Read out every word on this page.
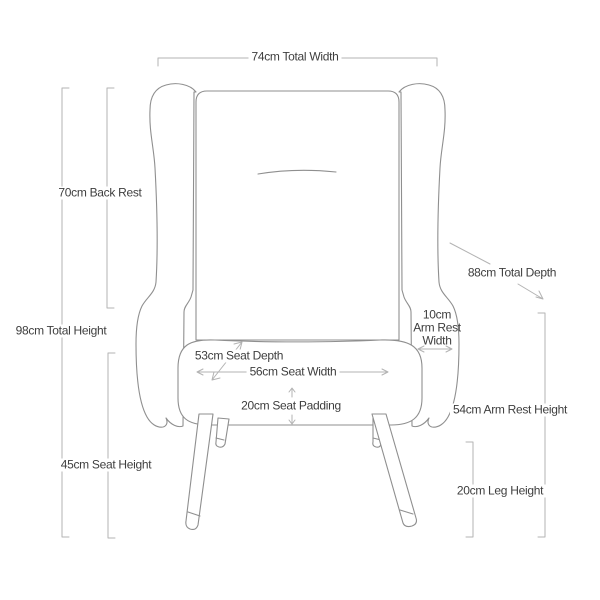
74cm Total Width
70cm Back Rest
98cm Total Height
45cm Seat Height
88cm Total Depth
10cm
Arm Rest
Width
54cm Arm Rest Height
20cm Leg Height
53cm Seat Depth
56cm Seat Width
20cm Seat Padding
